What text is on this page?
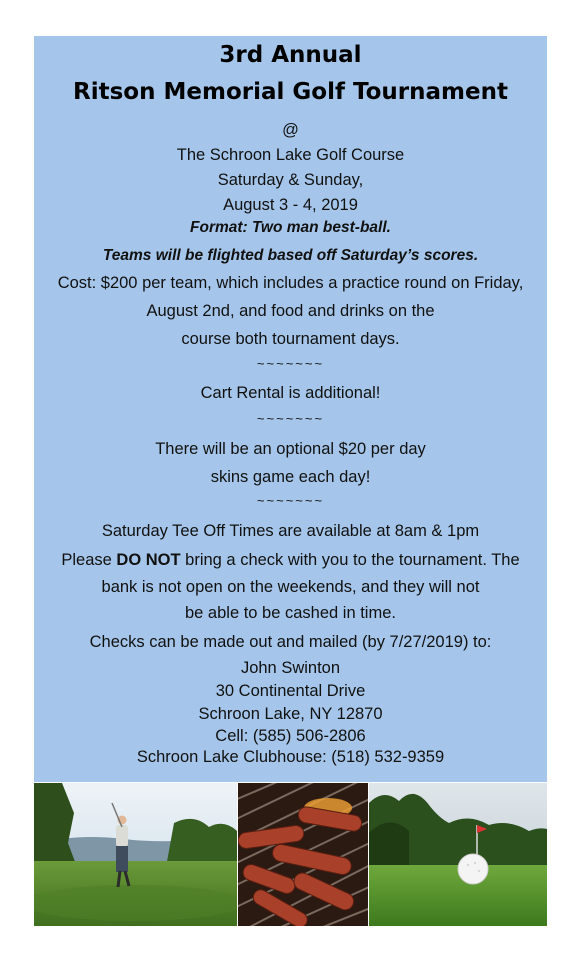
3rd Annual
Ritson Memorial Golf Tournament
@
The Schroon Lake Golf Course
Saturday & Sunday,
August 3 - 4, 2019
Format: Two man best-ball.
Teams will be flighted based off Saturday’s scores.
Cost: $200 per team, which includes a practice round on Friday,
August 2nd, and food and drinks on the
course both tournament days.
~~~~~~~
Cart Rental is additional!
~~~~~~~
There will be an optional $20 per day
skins game each day!
~~~~~~~
Saturday Tee Off Times are available at 8am & 1pm
Please DO NOT bring a check with you to the tournament. The
bank is not open on the weekends, and they will not
be able to be cashed in time.
Checks can be made out and mailed (by 7/27/2019) to:
John Swinton
30 Continental Drive
Schroon Lake, NY 12870
Cell: (585) 506-2806
Schroon Lake Clubhouse: (518) 532-9359
